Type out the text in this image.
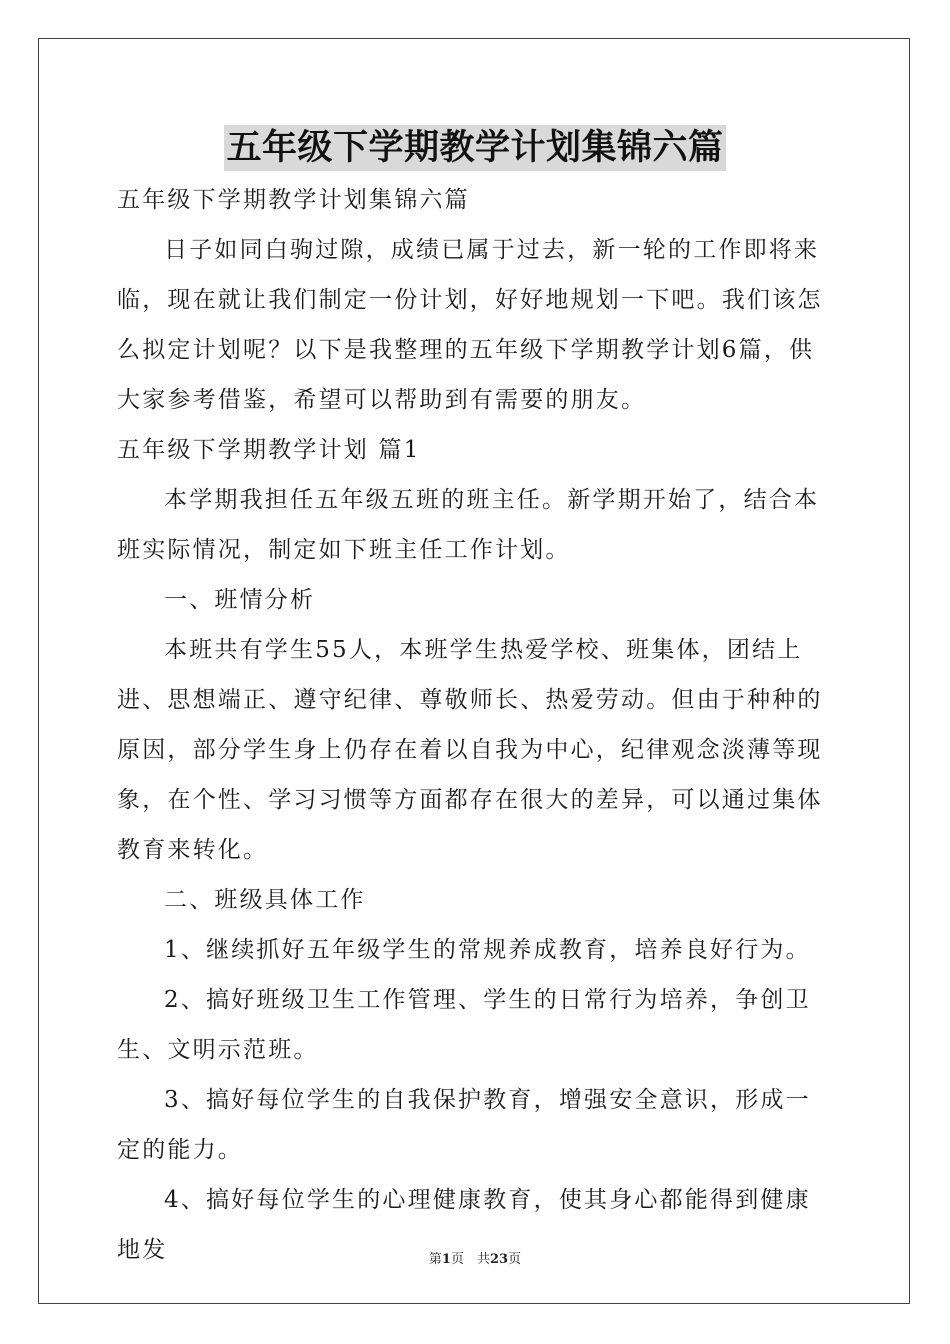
五年级下学期教学计划集锦六篇

五年级下学期教学计划集锦六篇

日子如同白驹过隙，成绩已属于过去，新一轮的工作即将来临，现在就让我们制定一份计划，好好地规划一下吧。我们该怎么拟定计划呢？以下是我整理的五年级下学期教学计划6篇，供大家参考借鉴，希望可以帮助到有需要的朋友。

五年级下学期教学计划 篇1

本学期我担任五年级五班的班主任。新学期开始了，结合本班实际情况，制定如下班主任工作计划。

一、班情分析

本班共有学生55人，本班学生热爱学校、班集体，团结上进、思想端正、遵守纪律、尊敬师长、热爱劳动。但由于种种的原因，部分学生身上仍存在着以自我为中心，纪律观念淡薄等现象，在个性、学习习惯等方面都存在很大的差异，可以通过集体教育来转化。

二、班级具体工作

1、继续抓好五年级学生的常规养成教育，培养良好行为。

2、搞好班级卫生工作管理、学生的日常行为培养，争创卫生、文明示范班。

3、搞好每位学生的自我保护教育，增强安全意识，形成一定的能力。

4、搞好每位学生的心理健康教育，使其身心都能得到健康地发	第1页　共23页
